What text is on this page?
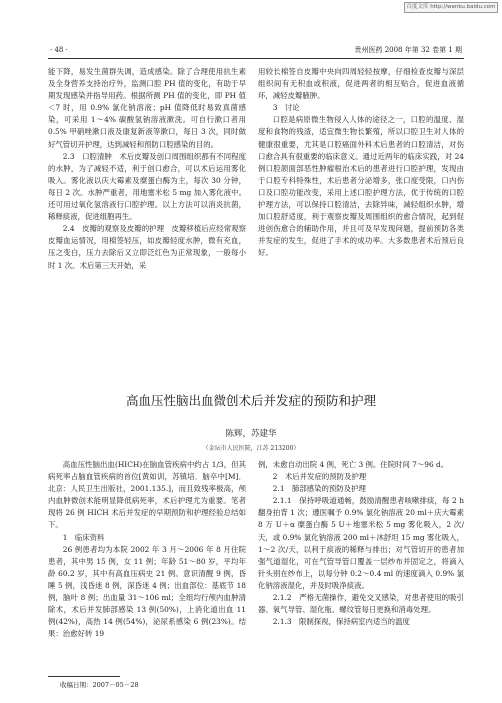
百度文库 http://wenku.baidu.com
· 48 ·	贵州医药 2008 年第 32 卷第 1 期

能下降，易发生菌群失调，造成感染。除了合理使用抗生素及全身营养支持治疗外，监测口腔 PH 值的变化，有助于早期发现感染并指导用药。根据所测 PH 值的变化，即 PH 值＜7 时，用 0.9% 氯化钠溶液；pH 值降低时易致真菌感染，可采用 1～4% 碳酸氢钠溶液漱洗。可自行漱口者用 0.5% 甲硝唑漱口液及康复新液等漱口，每日 3 次，同时做好气管切开护理，达到减轻和预防口腔感染的目的。

2.3　口腔清肿　术后皮瓣及创口周围组织都有不同程度的水肿，为了减轻不适，利于创口愈合，可以术后运用雾化吸入。雾化液以庆大霉素及糜蛋白酶为主，每次 30 分钟，每日 2 次。水肿严重者，用地塞米松 5 mg 加入雾化液中。还可用过氧化氢溶液行口腔护理。以上方法可以消炎抗菌，稀释痰液，促进组胞再生。

2.4　皮瓣的观察及皮瓣的护理　皮瓣移植后应经常观察皮瓣血运情况，用棉签轻压，如皮瓣轻度水肿，微有充血，压之变白，压力去除后又立即泛红色为正常现象，一般每小时 1 次。术后第三天开始，采

用较长棉签自皮瓣中央向四周轻轻按摩，仔细检查皮瓣与深层组织间有无积血或积液，促进两者的相互贴合，促进血液循环，减轻皮瓣腋肿。

3　讨论

口腔是病原微生物侵入人体的途径之一，口腔的温度、湿度和食物的残渣，适宜微生物长繁殖，所以口腔卫生对人体的健康很重要，尤其是口腔癌面外科术后患者的口腔清洁，对伤口愈合具有很重要的临床意义。通过近两年的临床实践，对 24 例口腔颌面部恶性肿瘤根治术后的患者进行口腔护理，发现由于口腔专科特殊性，术后患者分泌增多，张口度受限，口内伤口及口腔功能改变，采用上述口腔护理方法，优于传统的口腔护理方法，可以保持口腔清洁，去除异味，减轻组织水肿，增加口腔舒适度，利于观察皮瓣及周围组织的愈合情况，起到促进创伤愈合的辅助作用，并且可及早发现问题，提前预防各类并发症的发生，促进了手术的成功率。大多数患者术后预后良好。

高血压性脑出血微创术后并发症的预防和护理
陈辉，苏建华
（金坛市人民医院，江苏 213200）

高血压性脑出血(HICH)在脑血管疾病中约占 1/3，但其病死率占脑血管疾病的首位[黄如训，苏镇培．脑卒中[M]．北京：人民卫生出版社，2001.135.]，而且致残率极高，颅内血肿微创术能明显降低病死率，术后护理尤为重要。笔者现将 26 例 HICH 术后并发症的早期预防和护理经验总结如下。

1　临床资料

26 例患者均为本院 2002 年 3 月～2006 年 8 月住院患者，其中男 15 例，女 11 例；年龄 51～80 岁，平均年龄 60.2 岁，其中有高血压病史 21 例。意识清醒 9 例，昏睡 5 例，浅昏迷 8 例，深昏迷 4 例；出血部位：基底节 18 例，脑叶 8 例；出血量 31～106 ml；全组均行颅内血肿清除术，术后并发肺部感染 13 例(50%)，上消化道出血 11 例(42%)，高热 14 例(54%)，泌尿系感染 6 例(23%)。结果：治愈好转 19

例，未愈自动出院 4 例，死亡 3 例。住院时间 7～96 d。

2　术后并发症的预防及护理

2.1　肺部感染的预防及护理

2.1.1　保持呼吸道通畅，鼓励清醒患者咳嗽排痰，每 2 h 翻身拍背 1 次；遵医嘱予 0.9% 氯化钠溶液 20 ml＋庆大霉素 8 万 U＋α 糜蛋白酶 5 U＋地塞米松 5 mg 雾化吸入，2 次/天，或 0.9% 氯化钠溶液 200 ml＋沐舒坦 15 mg 雾化吸入，1～2 次/天，以利于痰液的稀释与排出；对气管切开的患者加强气道湿化，可在气管导管口覆盖一层纱布并固定之，将滴入针头别在纱布上，以每分钟 0.2～0.4 ml 的速度滴入 0.9% 氯化钠溶液湿化，并及时吸净痰液。

2.1.2　严格无菌操作，避免交叉感染，对患者使用的吸引器、氧气导管、湿化瓶、螺纹管每日更换和消毒处理。

2.1.3　限制探视，保持病室内适当的温度

收稿日期：2007－05－28
